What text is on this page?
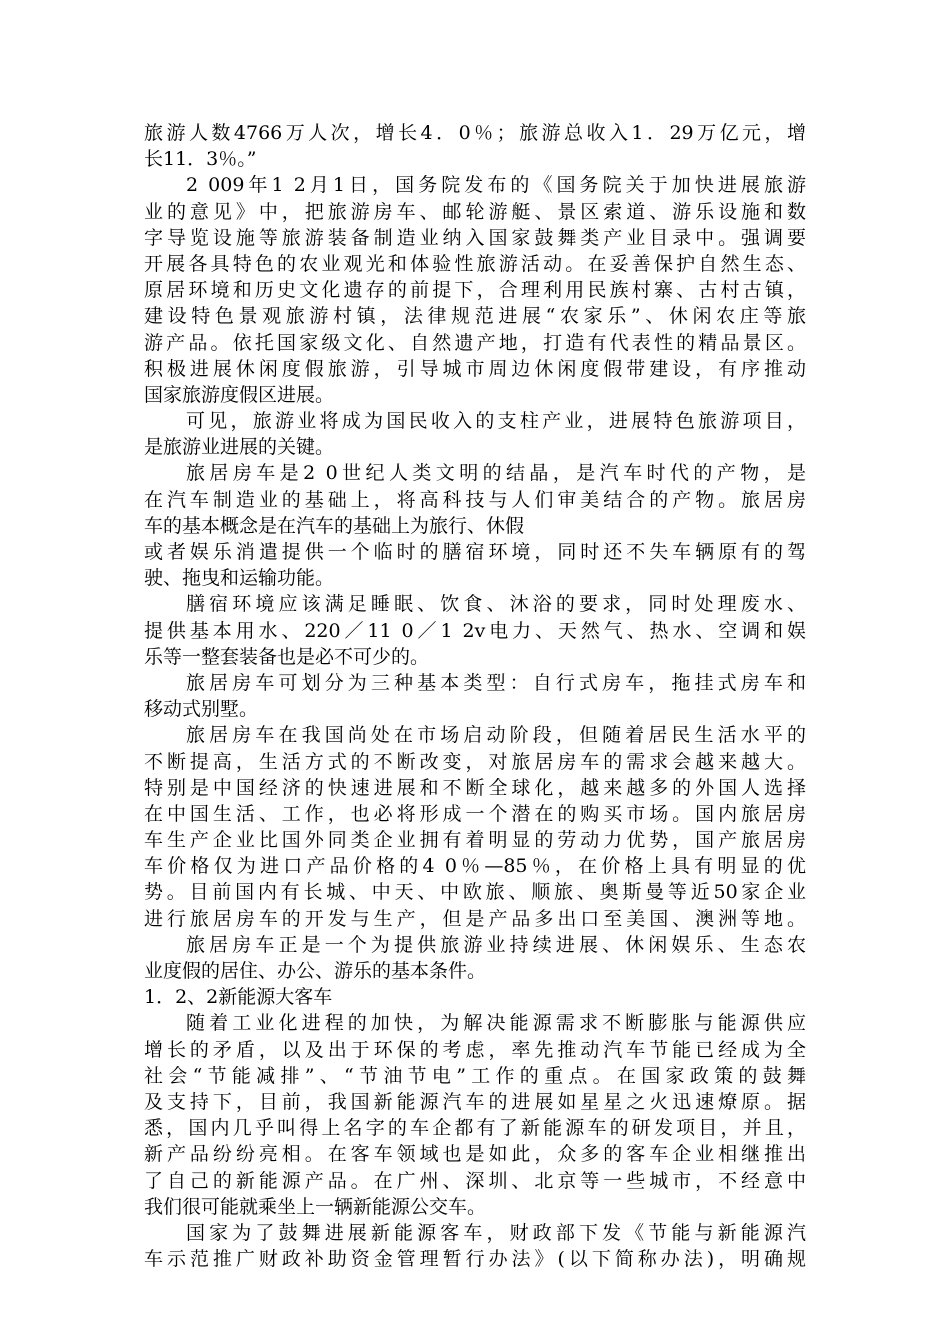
旅游人数4766万人次，增长4．0％；旅游总收入1．29万亿元，增
长11．3％。”
2 009年1 2月1日，国务院发布的《国务院关于加快进展旅游
业的意见》中，把旅游房车、邮轮游艇、景区索道、游乐设施和数
字导览设施等旅游装备制造业纳入国家鼓舞类产业目录中。强调要
开展各具特色的农业观光和体验性旅游活动。在妥善保护自然生态、
原居环境和历史文化遗存的前提下，合理利用民族村寨、古村古镇，
建设特色景观旅游村镇，法律规范进展“农家乐”、休闲农庄等旅
游产品。依托国家级文化、自然遗产地，打造有代表性的精品景区。
积极进展休闲度假旅游，引导城市周边休闲度假带建设，有序推动
国家旅游度假区进展。
可见，旅游业将成为国民收入的支柱产业，进展特色旅游项目，
是旅游业进展的关键。
旅居房车是2 0世纪人类文明的结晶，是汽车时代的产物，是
在汽车制造业的基础上，将高科技与人们审美结合的产物。旅居房
车的基本概念是在汽车的基础上为旅行、休假
或者娱乐消遣提供一个临时的膳宿环境，同时还不失车辆原有的驾
驶、拖曳和运输功能。
膳宿环境应该满足睡眠、饮食、沐浴的要求，同时处理废水、
提供基本用水、220／11 0／1 2v电力、天然气、热水、空调和娱
乐等一整套装备也是必不可少的。
旅居房车可划分为三种基本类型：自行式房车，拖挂式房车和
移动式别墅。
旅居房车在我国尚处在市场启动阶段，但随着居民生活水平的
不断提高，生活方式的不断改变，对旅居房车的需求会越来越大。
特别是中国经济的快速进展和不断全球化，越来越多的外国人选择
在中国生活、工作，也必将形成一个潜在的购买市场。国内旅居房
车生产企业比国外同类企业拥有着明显的劳动力优势，国产旅居房
车价格仅为进口产品价格的4 0％—85％，在价格上具有明显的优
势。目前国内有长城、中天、中欧旅、顺旅、奥斯曼等近50家企业
进行旅居房车的开发与生产，但是产品多出口至美国、澳洲等地。
旅居房车正是一个为提供旅游业持续进展、休闲娱乐、生态农
业度假的居住、办公、游乐的基本条件。
1．2、2新能源大客车
随着工业化进程的加快，为解决能源需求不断膨胀与能源供应
增长的矛盾，以及出于环保的考虑，率先推动汽车节能已经成为全
社会“节能减排”、“节油节电”工作的重点。在国家政策的鼓舞
及支持下，目前，我国新能源汽车的进展如星星之火迅速燎原。据
悉，国内几乎叫得上名字的车企都有了新能源车的研发项目，并且，
新产品纷纷亮相。在客车领域也是如此，众多的客车企业相继推出
了自己的新能源产品。在广州、深圳、北京等一些城市，不经意中
我们很可能就乘坐上一辆新能源公交车。
国家为了鼓舞进展新能源客车，财政部下发《节能与新能源汽
车示范推广财政补助资金管理暂行办法》(以下简称办法)，明确规
